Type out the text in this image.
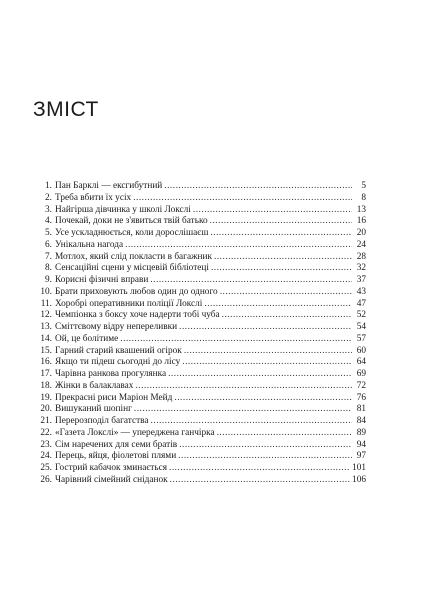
ЗМІСТ
1. Пан Барклі — ексгибутний .....	5
2. Треба вбити їх усіх .....	8
3. Найгірша дівчинка у школі Локслі .....	13
4. Почекай, доки не з'явиться твій батько .....	16
5. Усе ускладнюється, коли дорослішаєш .....	20
6. Унікальна нагода .....	24
7. Мотлох, який слід покласти в багажник .....	28
8. Сенсаційні сцени у місцевій бібліотеці .....	32
9. Корисні фізичні вправи .....	37
10. Брати приховують любов один до одного .....	43
11. Хоробрі оперативники поліції Локслі .....	47
12. Чемпіонка з боксу хоче надерти тобі чуба .....	52
13. Сміттєвому відру непереливки .....	54
14. Ой, це болітиме .....	57
15. Гарний старий квашений огірок .....	60
16. Якщо ти підеш сьогодні до лісу .....	64
17. Чарівна ранкова прогулянка .....	69
18. Жінки в балаклавах .....	72
19. Прекрасні риси Маріон Мейд .....	76
20. Вишуканий шопінг .....	81
21. Перерозподіл багатства .....	84
22. «Газета Локслі» — упереджена ганчірка .....	89
23. Сім наречених для семи братів .....	94
24. Перець, яйця, фіолетові плями .....	97
25. Гострий кабачок зминається .....	101
26. Чарівний сімейний сніданок .....	106
